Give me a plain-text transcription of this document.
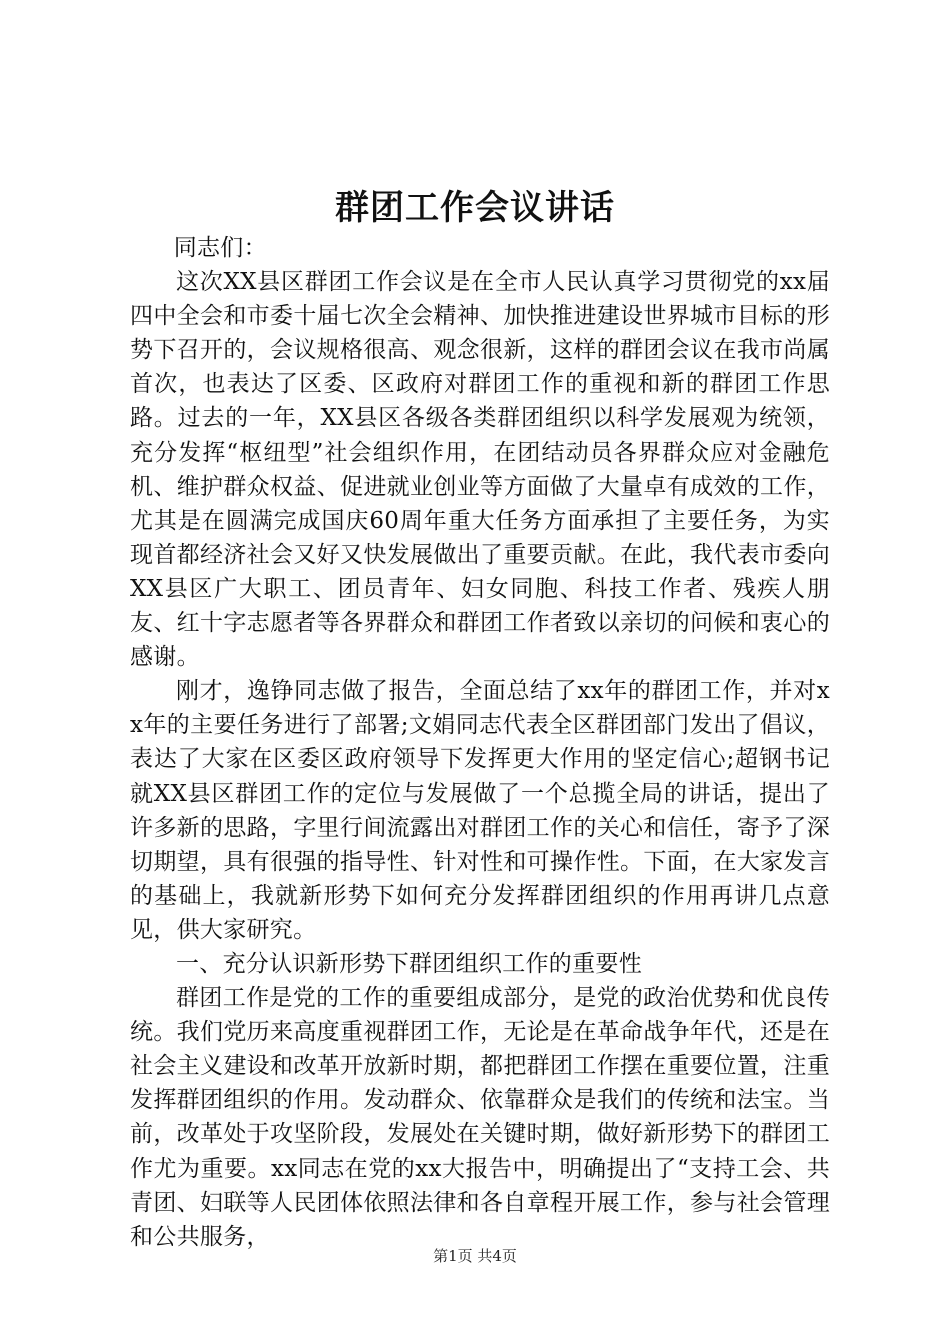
群团工作会议讲话

同志们：

这次XX县区群团工作会议是在全市人民认真学习贯彻党的xx届四中全会和市委十届七次全会精神、加快推进建设世界城市目标的形势下召开的，会议规格很高、观念很新，这样的群团会议在我市尚属首次，也表达了区委、区政府对群团工作的重视和新的群团工作思路。过去的一年，XX县区各级各类群团组织以科学发展观为统领，充分发挥“枢纽型”社会组织作用，在团结动员各界群众应对金融危机、维护群众权益、促进就业创业等方面做了大量卓有成效的工作，尤其是在圆满完成国庆60周年重大任务方面承担了主要任务，为实现首都经济社会又好又快发展做出了重要贡献。在此，我代表市委向XX县区广大职工、团员青年、妇女同胞、科技工作者、残疾人朋友、红十字志愿者等各界群众和群团工作者致以亲切的问候和衷心的感谢。

刚才，逸铮同志做了报告，全面总结了xx年的群团工作，并对xx年的主要任务进行了部署;文娟同志代表全区群团部门发出了倡议，表达了大家在区委区政府领导下发挥更大作用的坚定信心;超钢书记就XX县区群团工作的定位与发展做了一个总揽全局的讲话，提出了许多新的思路，字里行间流露出对群团工作的关心和信任，寄予了深切期望，具有很强的指导性、针对性和可操作性。下面，在大家发言的基础上，我就新形势下如何充分发挥群团组织的作用再讲几点意见，供大家研究。

一、充分认识新形势下群团组织工作的重要性

群团工作是党的工作的重要组成部分，是党的政治优势和优良传统。我们党历来高度重视群团工作，无论是在革命战争年代，还是在社会主义建设和改革开放新时期，都把群团工作摆在重要位置，注重发挥群团组织的作用。发动群众、依靠群众是我们的传统和法宝。当前，改革处于攻坚阶段，发展处在关键时期，做好新形势下的群团工作尤为重要。xx同志在党的xx大报告中，明确提出了“支持工会、共青团、妇联等人民团体依照法律和各自章程开展工作，参与社会管理和公共服务，

第1页 共4页
